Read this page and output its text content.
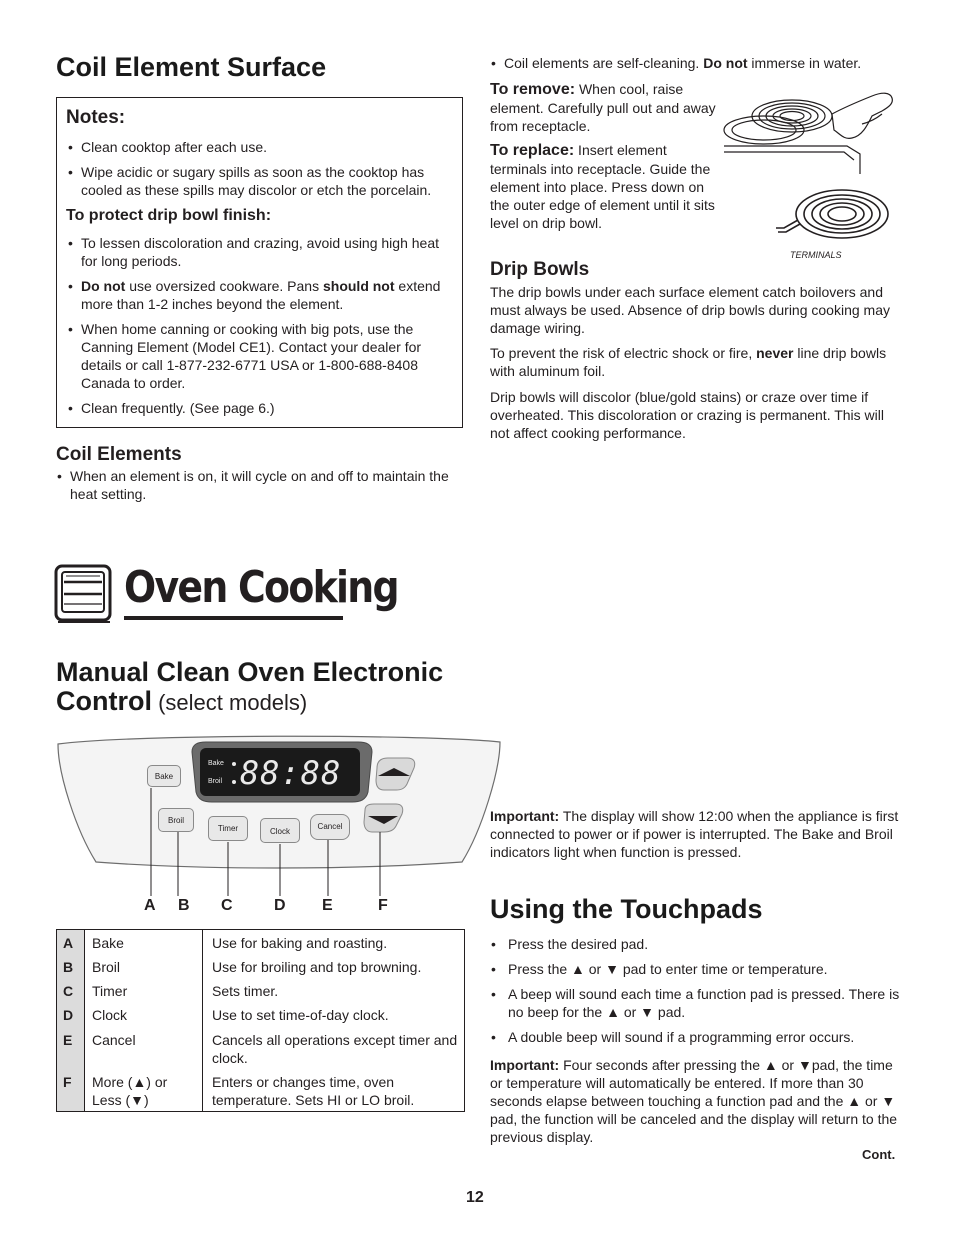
Coil Element Surface
Notes:
• Clean cooktop after each use.
• Wipe acidic or sugary spills as soon as the cooktop has cooled as these spills may discolor or etch the porcelain.
To protect drip bowl finish:
• To lessen discoloration and crazing, avoid using high heat for long periods.
• Do not use oversized cookware. Pans should not extend more than 1-2 inches beyond the element.
• When home canning or cooking with big pots, use the Canning Element (Model CE1). Contact your dealer for details or call 1-877-232-6771 USA or 1-800-688-8408 Canada to order.
• Clean frequently. (See page 6.)
Coil Elements
• When an element is on, it will cycle on and off to maintain the heat setting.
• Coil elements are self-cleaning. Do not immerse in water.
To remove: When cool, raise element. Carefully pull out and away from receptacle.
To replace: Insert element terminals into receptacle. Guide the element into place. Press down on the outer edge of element until it sits level on drip bowl.
TERMINALS
Drip Bowls
The drip bowls under each surface element catch boilovers and must always be used. Absence of drip bowls during cooking may damage wiring.
To prevent the risk of electric shock or fire, never line drip bowls with aluminum foil.
Drip bowls will discolor (blue/gold stains) or craze over time if overheated. This discoloration or crazing is permanent. This will not affect cooking performance.
Oven Cooking
Manual Clean Oven Electronic
Control (select models)
Bake
Broil 88:88
Bake
Broil
Timer	Clock
Cancel
A B C	D E	F
A	Bake	Use for baking and roasting.
B	Broil	Use for broiling and top browning.
C	Timer	Sets timer.
D	Clock	Use to set time-of-day clock.
E	Cancel	Cancels all operations except timer and clock.
F	More (▲) or Less (▼)	Enters or changes time, oven temperature. Sets HI or LO broil.
Important: The display will show 12:00 when the appliance is first connected to power or if power is interrupted. The Bake and Broil indicators light when function is pressed.
Using the Touchpads
• Press the desired pad.
• Press the ▲ or ▼ pad to enter time or temperature.
• A beep will sound each time a function pad is pressed. There is no beep for the ▲ or ▼ pad.
• A double beep will sound if a programming error occurs.
Important: Four seconds after pressing the ▲ or ▼pad, the time or temperature will automatically be entered. If more than 30 seconds elapse between touching a function pad and the ▲ or ▼ pad, the function will be canceled and the display will return to the previous display.
Cont.
12
